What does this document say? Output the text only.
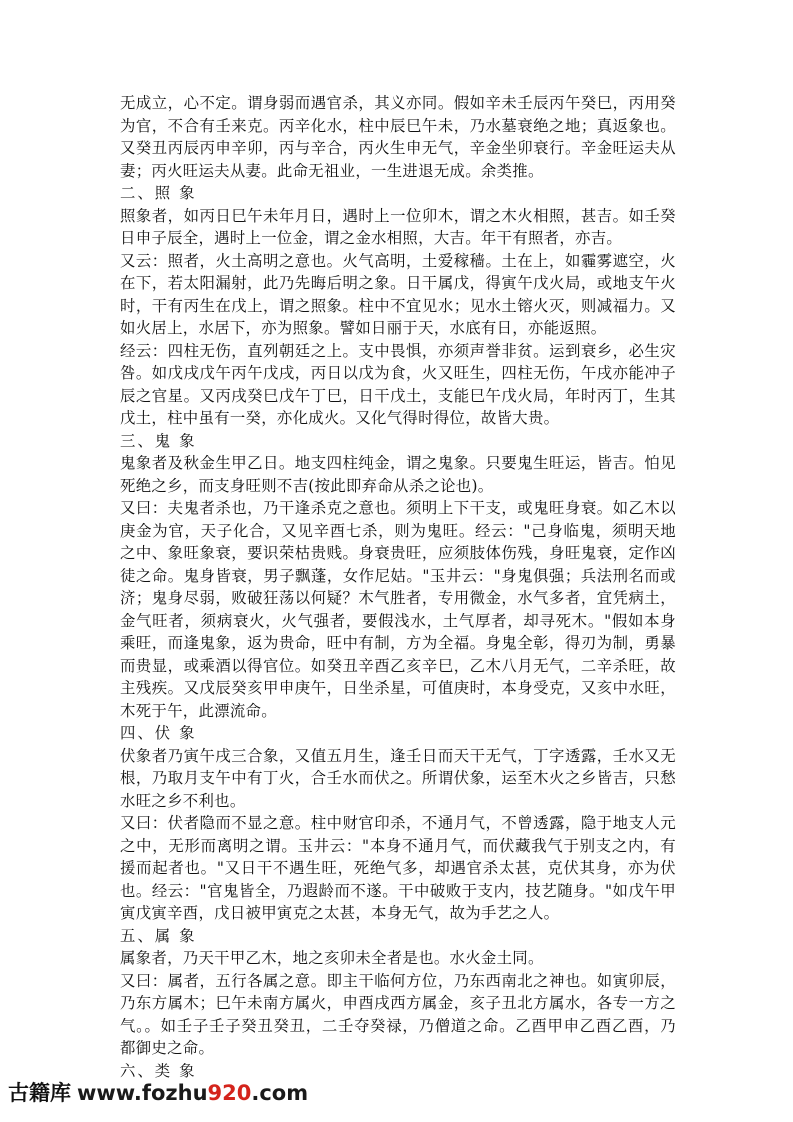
无成立，心不定。谓身弱而遇官杀，其义亦同。假如辛未壬辰丙午癸巳，丙用癸为官，不合有壬来克。丙辛化水，柱中辰巳午未，乃水墓衰绝之地；真返象也。又癸丑丙辰丙申辛卯，丙与辛合，丙火生申无气，辛金坐卯衰行。辛金旺运夫从妻；丙火旺运夫从妻。此命无祖业，一生进退无成。余类推。

二、照 象

照象者，如丙日巳午未年月日，遇时上一位卯木，谓之木火相照，甚吉。如壬癸日申子辰全，遇时上一位金，谓之金水相照，大吉。年干有照者，亦吉。

又云：照者，火土高明之意也。火气高明，土爱稼穑。土在上，如霾雾遮空，火在下，若太阳漏射，此乃先晦后明之象。日干属戊，得寅午戊火局，或地支午火时，干有丙生在戊上，谓之照象。柱中不宜见水；见水土镕火灭，则减福力。又如火居上，水居下，亦为照象。譬如日丽于天，水底有日，亦能返照。

经云：四柱无伤，直列朝廷之上。支中畏惧，亦须声誉非贫。运到衰乡，必生灾咎。如戊戌戊午丙午戊戌，丙日以戊为食，火又旺生，四柱无伤，午戌亦能冲子辰之官星。又丙戌癸巳戊午丁巳，日干戊土，支能巳午戊火局，年时丙丁，生其戊土，柱中虽有一癸，亦化成火。又化气得时得位，故皆大贵。

三、鬼 象

鬼象者及秋金生甲乙日。地支四柱纯金，谓之鬼象。只要鬼生旺运，皆吉。怕见死绝之乡，而支身旺则不吉(按此即弃命从杀之论也)。

又曰：夫鬼者杀也，乃干逢杀克之意也。须明上下干支，或鬼旺身衰。如乙木以庚金为官，天子化合，又见辛酉七杀，则为鬼旺。经云："己身临鬼，须明天地之中、象旺象衰，要识荣枯贵贱。身衰贵旺，应须肢体伤残，身旺鬼衰，定作凶徒之命。鬼身皆衰，男子飘蓬，女作尼姑。"玉井云："身鬼俱强；兵法刑名而或济；鬼身尽弱，败破狂荡以何疑？木气胜者，专用微金，水气多者，宜凭病土，金气旺者，须病衰火，火气强者，要假浅水，土气厚者，却寻死木。"假如本身乘旺，而逢鬼象，返为贵命，旺中有制，方为全福。身鬼全彰，得刃为制，勇暴而贵显，或乘酒以得官位。如癸丑辛酉乙亥辛巳，乙木八月无气，二辛杀旺，故主残疾。又戊辰癸亥甲申庚午，日坐杀星，可值庚时，本身受克，又亥中水旺，木死于午，此漂流命。

四、伏 象

伏象者乃寅午戌三合象，又值五月生，逢壬日而天干无气，丁字透露，壬水又无根，乃取月支午中有丁火，合壬水而伏之。所谓伏象，运至木火之乡皆吉，只愁水旺之乡不利也。

又曰：伏者隐而不显之意。柱中财官印杀，不通月气，不曾透露，隐于地支人元之中，无形而离明之谓。玉井云："本身不通月气，而伏藏我气于别支之内，有援而起者也。"又日干不遇生旺，死绝气多，却遇官杀太甚，克伏其身，亦为伏也。经云："官鬼皆全，乃遐龄而不遂。干中破败于支内，技艺随身。"如戊午甲寅戊寅辛酉，戊日被甲寅克之太甚，本身无气，故为手艺之人。

五、属 象

属象者，乃天干甲乙木，地之亥卯未全者是也。水火金土同。

又曰：属者，五行各属之意。即主干临何方位，乃东西南北之神也。如寅卯辰，乃东方属木；巳午未南方属火，申酉戌西方属金，亥子丑北方属水，各专一方之气。。如壬子壬子癸丑癸丑，二壬夺癸禄，乃僧道之命。乙酉甲申乙酉乙酉，乃都御史之命。

六、类 象

古籍库 www.fozhu920.com
